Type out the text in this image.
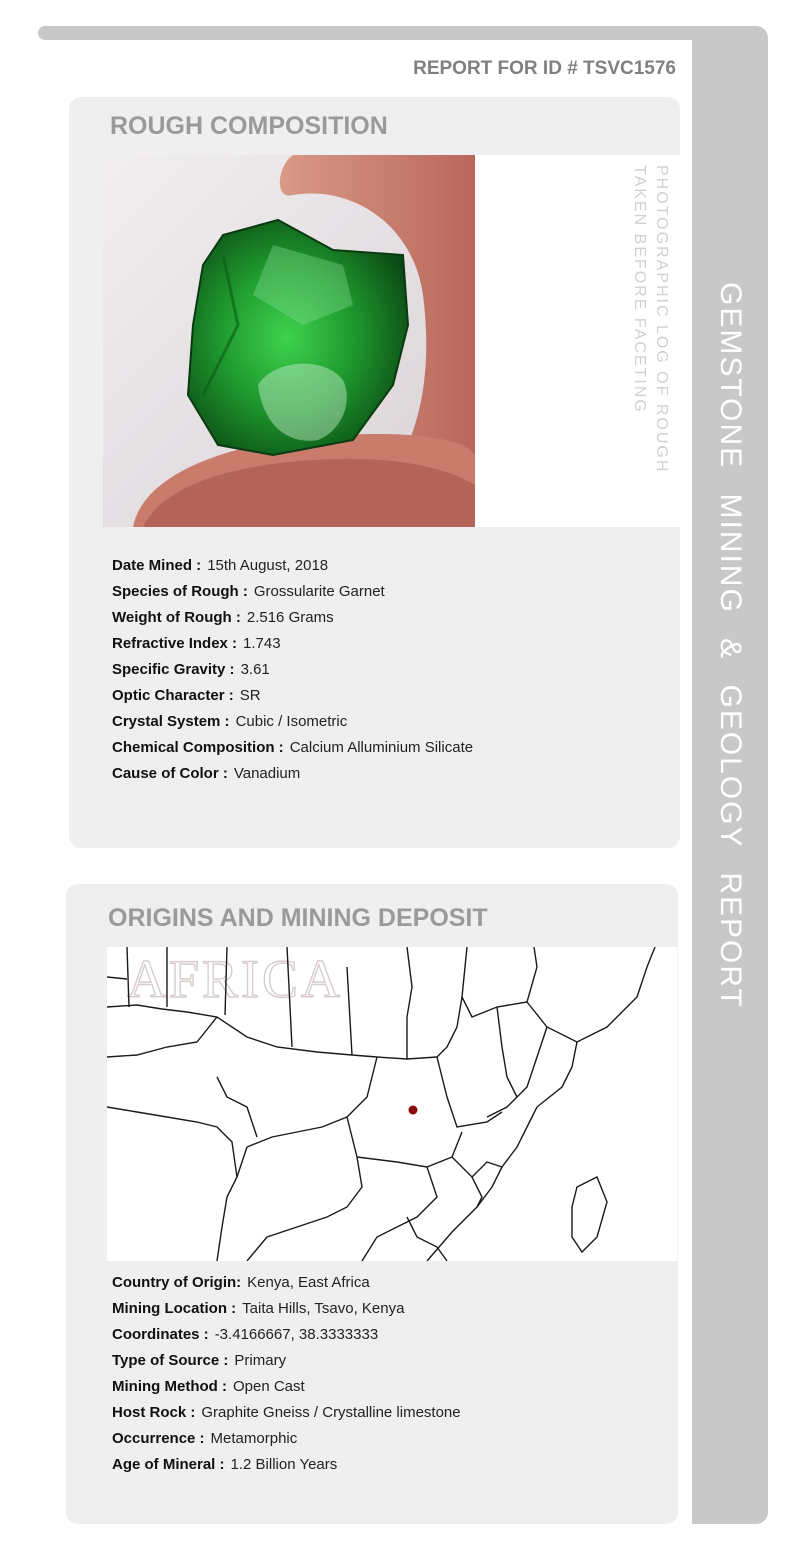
GEMSTONE MINING & GEOLOGY REPORT
REPORT FOR ID # TSVC1576
ROUGH COMPOSITION
PHOTOGRAPHIC LOG OF ROUGH TAKEN BEFORE FACETING
Date Mined : 15th August, 2018
Species of Rough : Grossularite Garnet
Weight of Rough : 2.516 Grams
Refractive Index : 1.743
Specific Gravity : 3.61
Optic Character : SR
Crystal System : Cubic / Isometric
Chemical Composition : Calcium Alluminium Silicate
Cause of Color : Vanadium
ORIGINS AND MINING DEPOSIT
AFRICA
Country of Origin: Kenya, East Africa
Mining Location : Taita Hills, Tsavo, Kenya
Coordinates : -3.4166667, 38.3333333
Type of Source : Primary
Mining Method : Open Cast
Host Rock : Graphite Gneiss / Crystalline limestone
Occurrence : Metamorphic
Age of Mineral : 1.2 Billion Years
